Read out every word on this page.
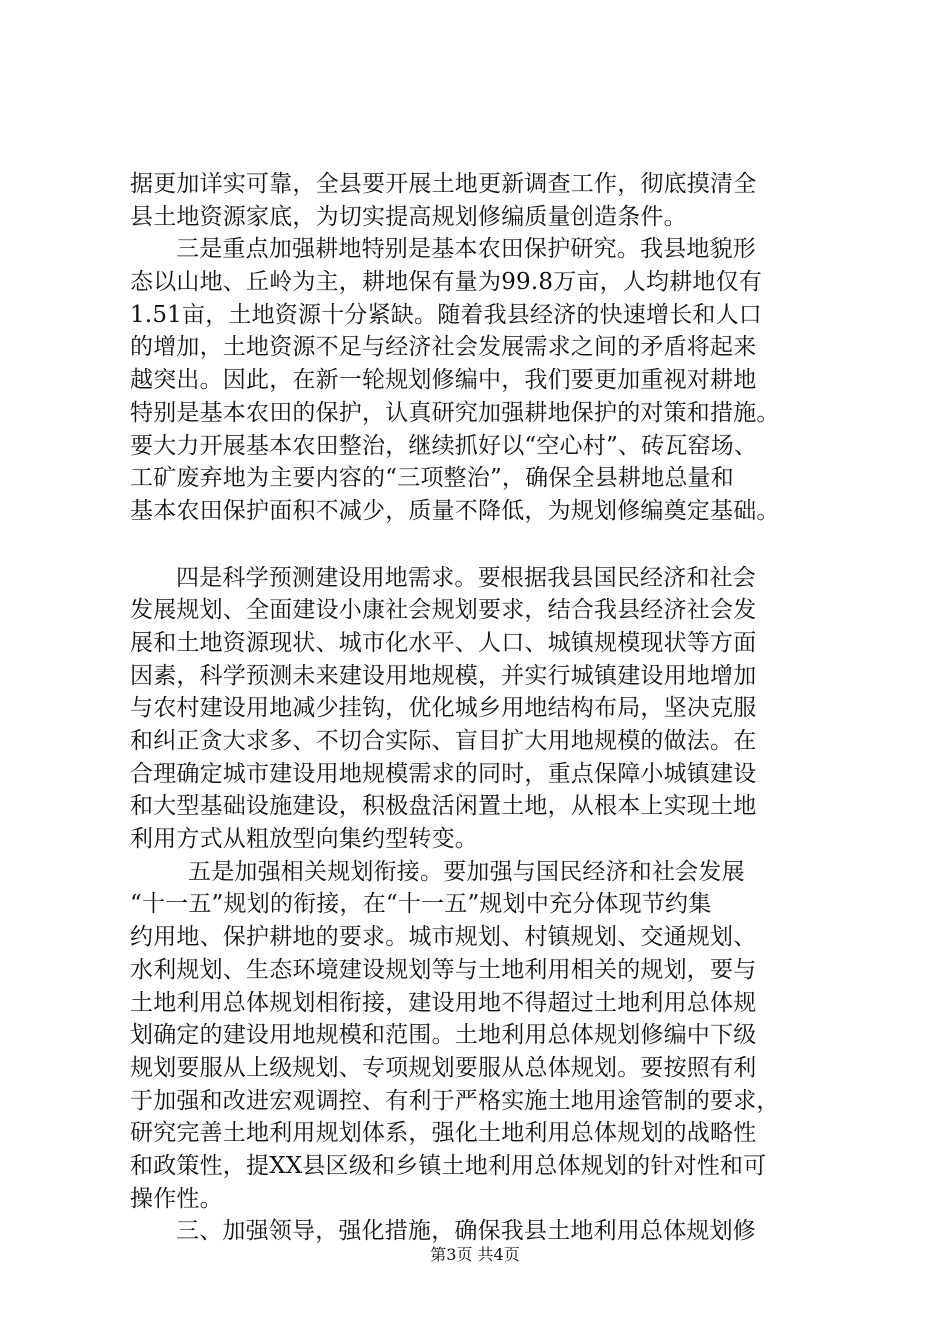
据更加详实可靠，全县要开展土地更新调查工作，彻底摸清全
县土地资源家底，为切实提高规划修编质量创造条件。
三是重点加强耕地特别是基本农田保护研究。我县地貌形
态以山地、丘岭为主，耕地保有量为99.8万亩，人均耕地仅有
1.51亩，土地资源十分紧缺。随着我县经济的快速增长和人口
的增加，土地资源不足与经济社会发展需求之间的矛盾将起来
越突出。因此，在新一轮规划修编中，我们要更加重视对耕地
特别是基本农田的保护，认真研究加强耕地保护的对策和措施。
要大力开展基本农田整治，继续抓好以“空心村”、砖瓦窑场、
工矿废弃地为主要内容的“三项整治”，确保全县耕地总量和
基本农田保护面积不减少，质量不降低，为规划修编奠定基础。
四是科学预测建设用地需求。要根据我县国民经济和社会
发展规划、全面建设小康社会规划要求，结合我县经济社会发
展和土地资源现状、城市化水平、人口、城镇规模现状等方面
因素，科学预测未来建设用地规模，并实行城镇建设用地增加
与农村建设用地减少挂钩，优化城乡用地结构布局，坚决克服
和纠正贪大求多、不切合实际、盲目扩大用地规模的做法。在
合理确定城市建设用地规模需求的同时，重点保障小城镇建设
和大型基础设施建设，积极盘活闲置土地，从根本上实现土地
利用方式从粗放型向集约型转变。
五是加强相关规划衔接。要加强与国民经济和社会发展
“十一五”规划的衔接，在“十一五”规划中充分体现节约集
约用地、保护耕地的要求。城市规划、村镇规划、交通规划、
水利规划、生态环境建设规划等与土地利用相关的规划，要与
土地利用总体规划相衔接，建设用地不得超过土地利用总体规
划确定的建设用地规模和范围。土地利用总体规划修编中下级
规划要服从上级规划、专项规划要服从总体规划。要按照有利
于加强和改进宏观调控、有利于严格实施土地用途管制的要求，
研究完善土地利用规划体系，强化土地利用总体规划的战略性
和政策性，提XX县区级和乡镇土地利用总体规划的针对性和可
操作性。
三、加强领导，强化措施，确保我县土地利用总体规划修
第3页 共4页
